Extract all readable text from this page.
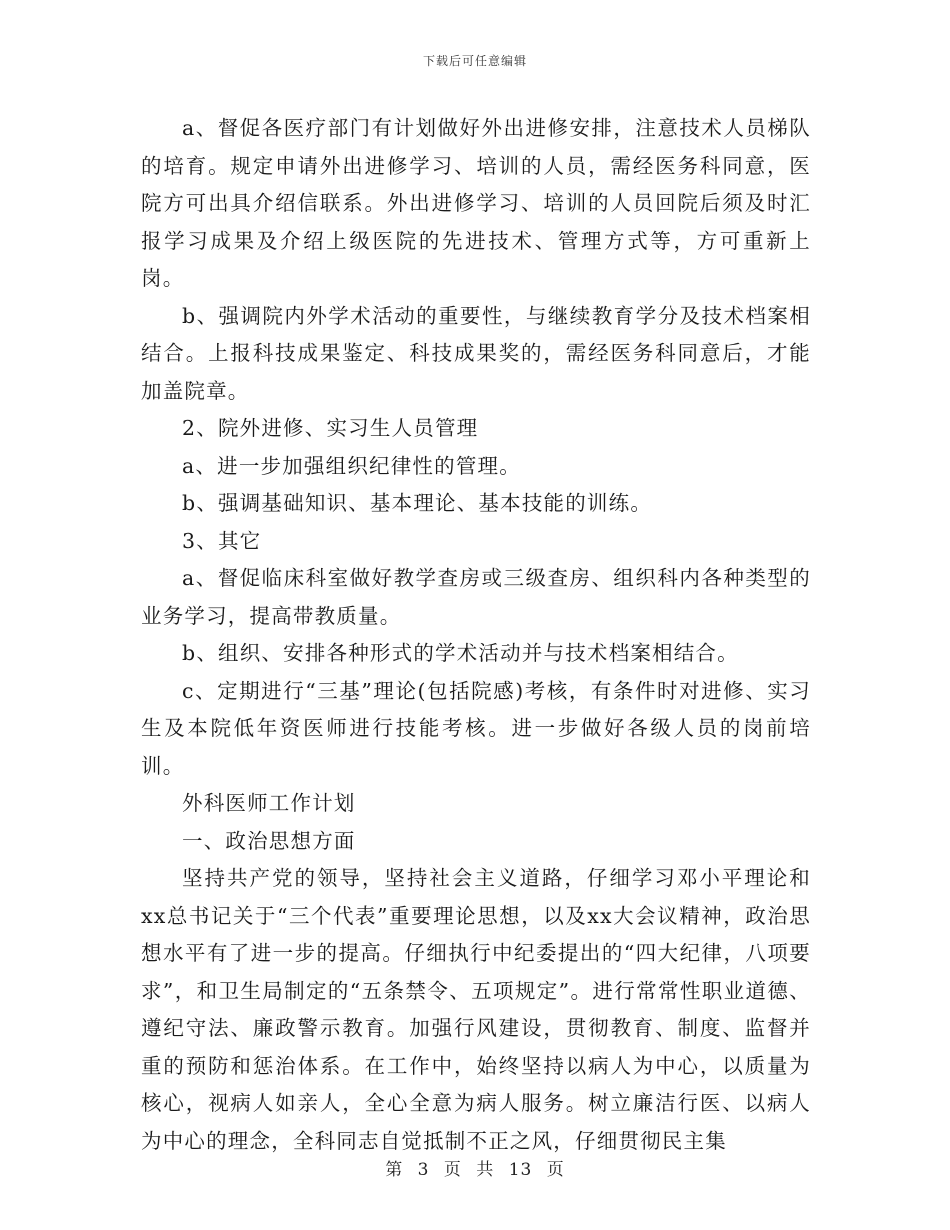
下载后可任意编辑

a、督促各医疗部门有计划做好外出进修安排，注意技术人员梯队的培育。规定申请外出进修学习、培训的人员，需经医务科同意，医院方可出具介绍信联系。外出进修学习、培训的人员回院后须及时汇报学习成果及介绍上级医院的先进技术、管理方式等，方可重新上岗。

b、强调院内外学术活动的重要性，与继续教育学分及技术档案相结合。上报科技成果鉴定、科技成果奖的，需经医务科同意后，才能加盖院章。

2、院外进修、实习生人员管理

a、进一步加强组织纪律性的管理。

b、强调基础知识、基本理论、基本技能的训练。

3、其它

a、督促临床科室做好教学查房或三级查房、组织科内各种类型的业务学习，提高带教质量。

b、组织、安排各种形式的学术活动并与技术档案相结合。

c、定期进行“三基”理论(包括院感)考核，有条件时对进修、实习生及本院低年资医师进行技能考核。进一步做好各级人员的岗前培训。

外科医师工作计划

一、政治思想方面

坚持共产党的领导，坚持社会主义道路，仔细学习邓小平理论和xx总书记关于“三个代表”重要理论思想，以及xx大会议精神，政治思想水平有了进一步的提高。仔细执行中纪委提出的“四大纪律，八项要求”，和卫生局制定的“五条禁令、五项规定”。进行常常性职业道德、遵纪守法、廉政警示教育。加强行风建设，贯彻教育、制度、监督并重的预防和惩治体系。在工作中，始终坚持以病人为中心，以质量为核心，视病人如亲人，全心全意为病人服务。树立廉洁行医、以病人为中心的理念，全科同志自觉抵制不正之风，仔细贯彻民主集

第 3 页 共 13 页
